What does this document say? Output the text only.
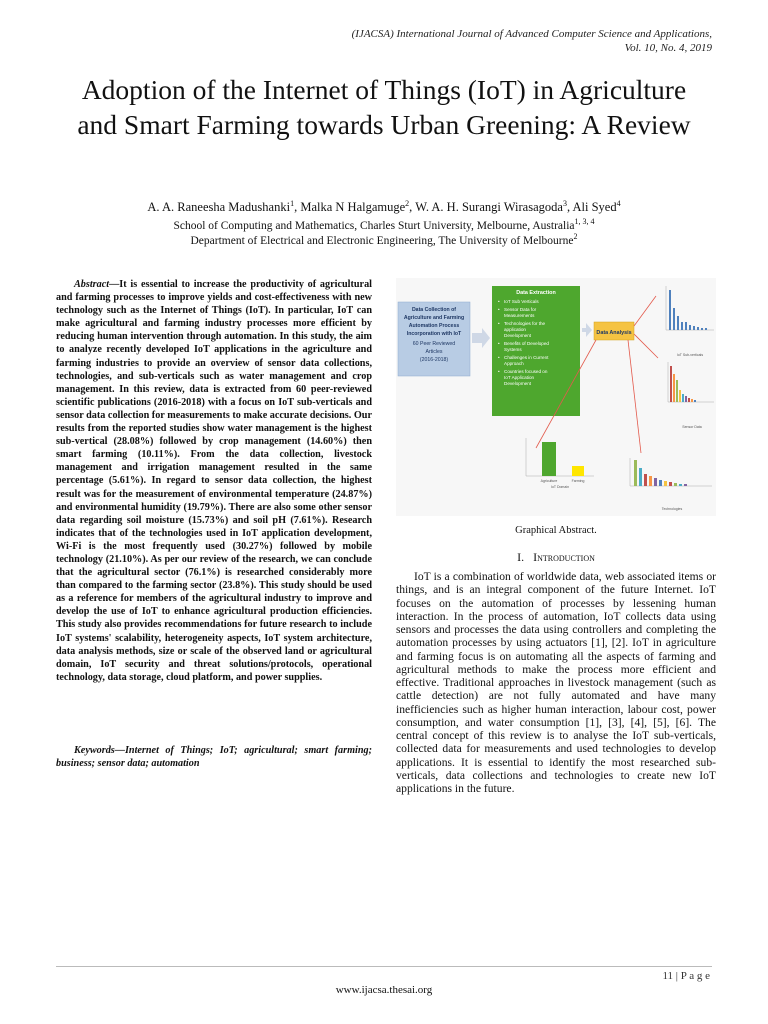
(IJACSA) International Journal of Advanced Computer Science and Applications,
Vol. 10, No. 4, 2019
Adoption of the Internet of Things (IoT) in Agriculture and Smart Farming towards Urban Greening: A Review
A. A. Raneesha Madushanki$^1$, Malka N Halgamuge$^2$, W. A. H. Surangi Wirasagoda$^3$, Ali Syed$^4$
School of Computing and Mathematics, Charles Sturt University, Melbourne, Australia$^{1, 3, 4}$
Department of Electrical and Electronic Engineering, The University of Melbourne$^2$

Abstract—It is essential to increase the productivity of agricultural and farming processes to improve yields and cost-effectiveness with new technology such as the Internet of Things (IoT). In particular, IoT can make agricultural and farming industry processes more efficient by reducing human intervention through automation. In this study, the aim to analyze recently developed IoT applications in the agriculture and farming industries to provide an overview of sensor data collections, technologies, and sub-verticals such as water management and crop management. In this review, data is extracted from 60 peer-reviewed scientific publications (2016-2018) with a focus on IoT sub-verticals and sensor data collection for measurements to make accurate decisions. Our results from the reported studies show water management is the highest sub-vertical (28.08%) followed by crop management (14.60%) then smart farming (10.11%). From the data collection, livestock management and irrigation management resulted in the same percentage (5.61%). In regard to sensor data collection, the highest result was for the measurement of environmental temperature (24.87%) and environmental humidity (19.79%). There are also some other sensor data regarding soil moisture (15.73%) and soil pH (7.61%). Research indicates that of the technologies used in IoT application development, Wi-Fi is the most frequently used (30.27%) followed by mobile technology (21.10%). As per our review of the research, we can conclude that the agricultural sector (76.1%) is researched considerably more than compared to the farming sector (23.8%). This study should be used as a reference for members of the agricultural industry to improve and develop the use of IoT to enhance agricultural production efficiencies. This study also provides recommendations for future research to include IoT systems' scalability, heterogeneity aspects, IoT system architecture, data analysis methods, size or scale of the observed land or agricultural domain, IoT security and threat solutions/protocols, operational technology, data storage, cloud platform, and power supplies.

Keywords—Internet of Things; IoT; agricultural; smart farming; business; sensor data; automation

Data Collection of
Agriculture and Farming
Automation Process
Incorporation with IoT
60 Peer Reviewed
Articles
(2016-2018)
Data Extraction
• IoT Sub Verticals
• Sensor Data for
Measurements
• Technologies for the
application
Development
• Benefits of Developed
Systems
• Challenges in Current
Approach
• Countries focused on
IoT Application
Development
Data Analysis
IoT Sub-verticals
Sensor Data
Agriculture	Farming
IoT Domain
Technologies
Graphical Abstract.
I. Introduction

IoT is a combination of worldwide data, web associated items or things, and is an integral component of the future Internet. IoT focuses on the automation of processes by lessening human interaction. In the process of automation, IoT collects data using sensors and processes the data using controllers and completing the automation processes by using actuators [1], [2]. IoT in agriculture and farming focus is on automating all the aspects of farming and agricultural methods to make the process more efficient and effective. Traditional approaches in livestock management (such as cattle detection) are not fully automated and have many inefficiencies such as higher human interaction, labour cost, power consumption, and water consumption [1], [3], [4], [5], [6]. The central concept of this review is to analyse the IoT sub-verticals, collected data for measurements and used technologies to develop applications. It is essential to identify the most researched sub-verticals, data collections and technologies to create new IoT applications in the future.

11 | P a g e
www.ijacsa.thesai.org
